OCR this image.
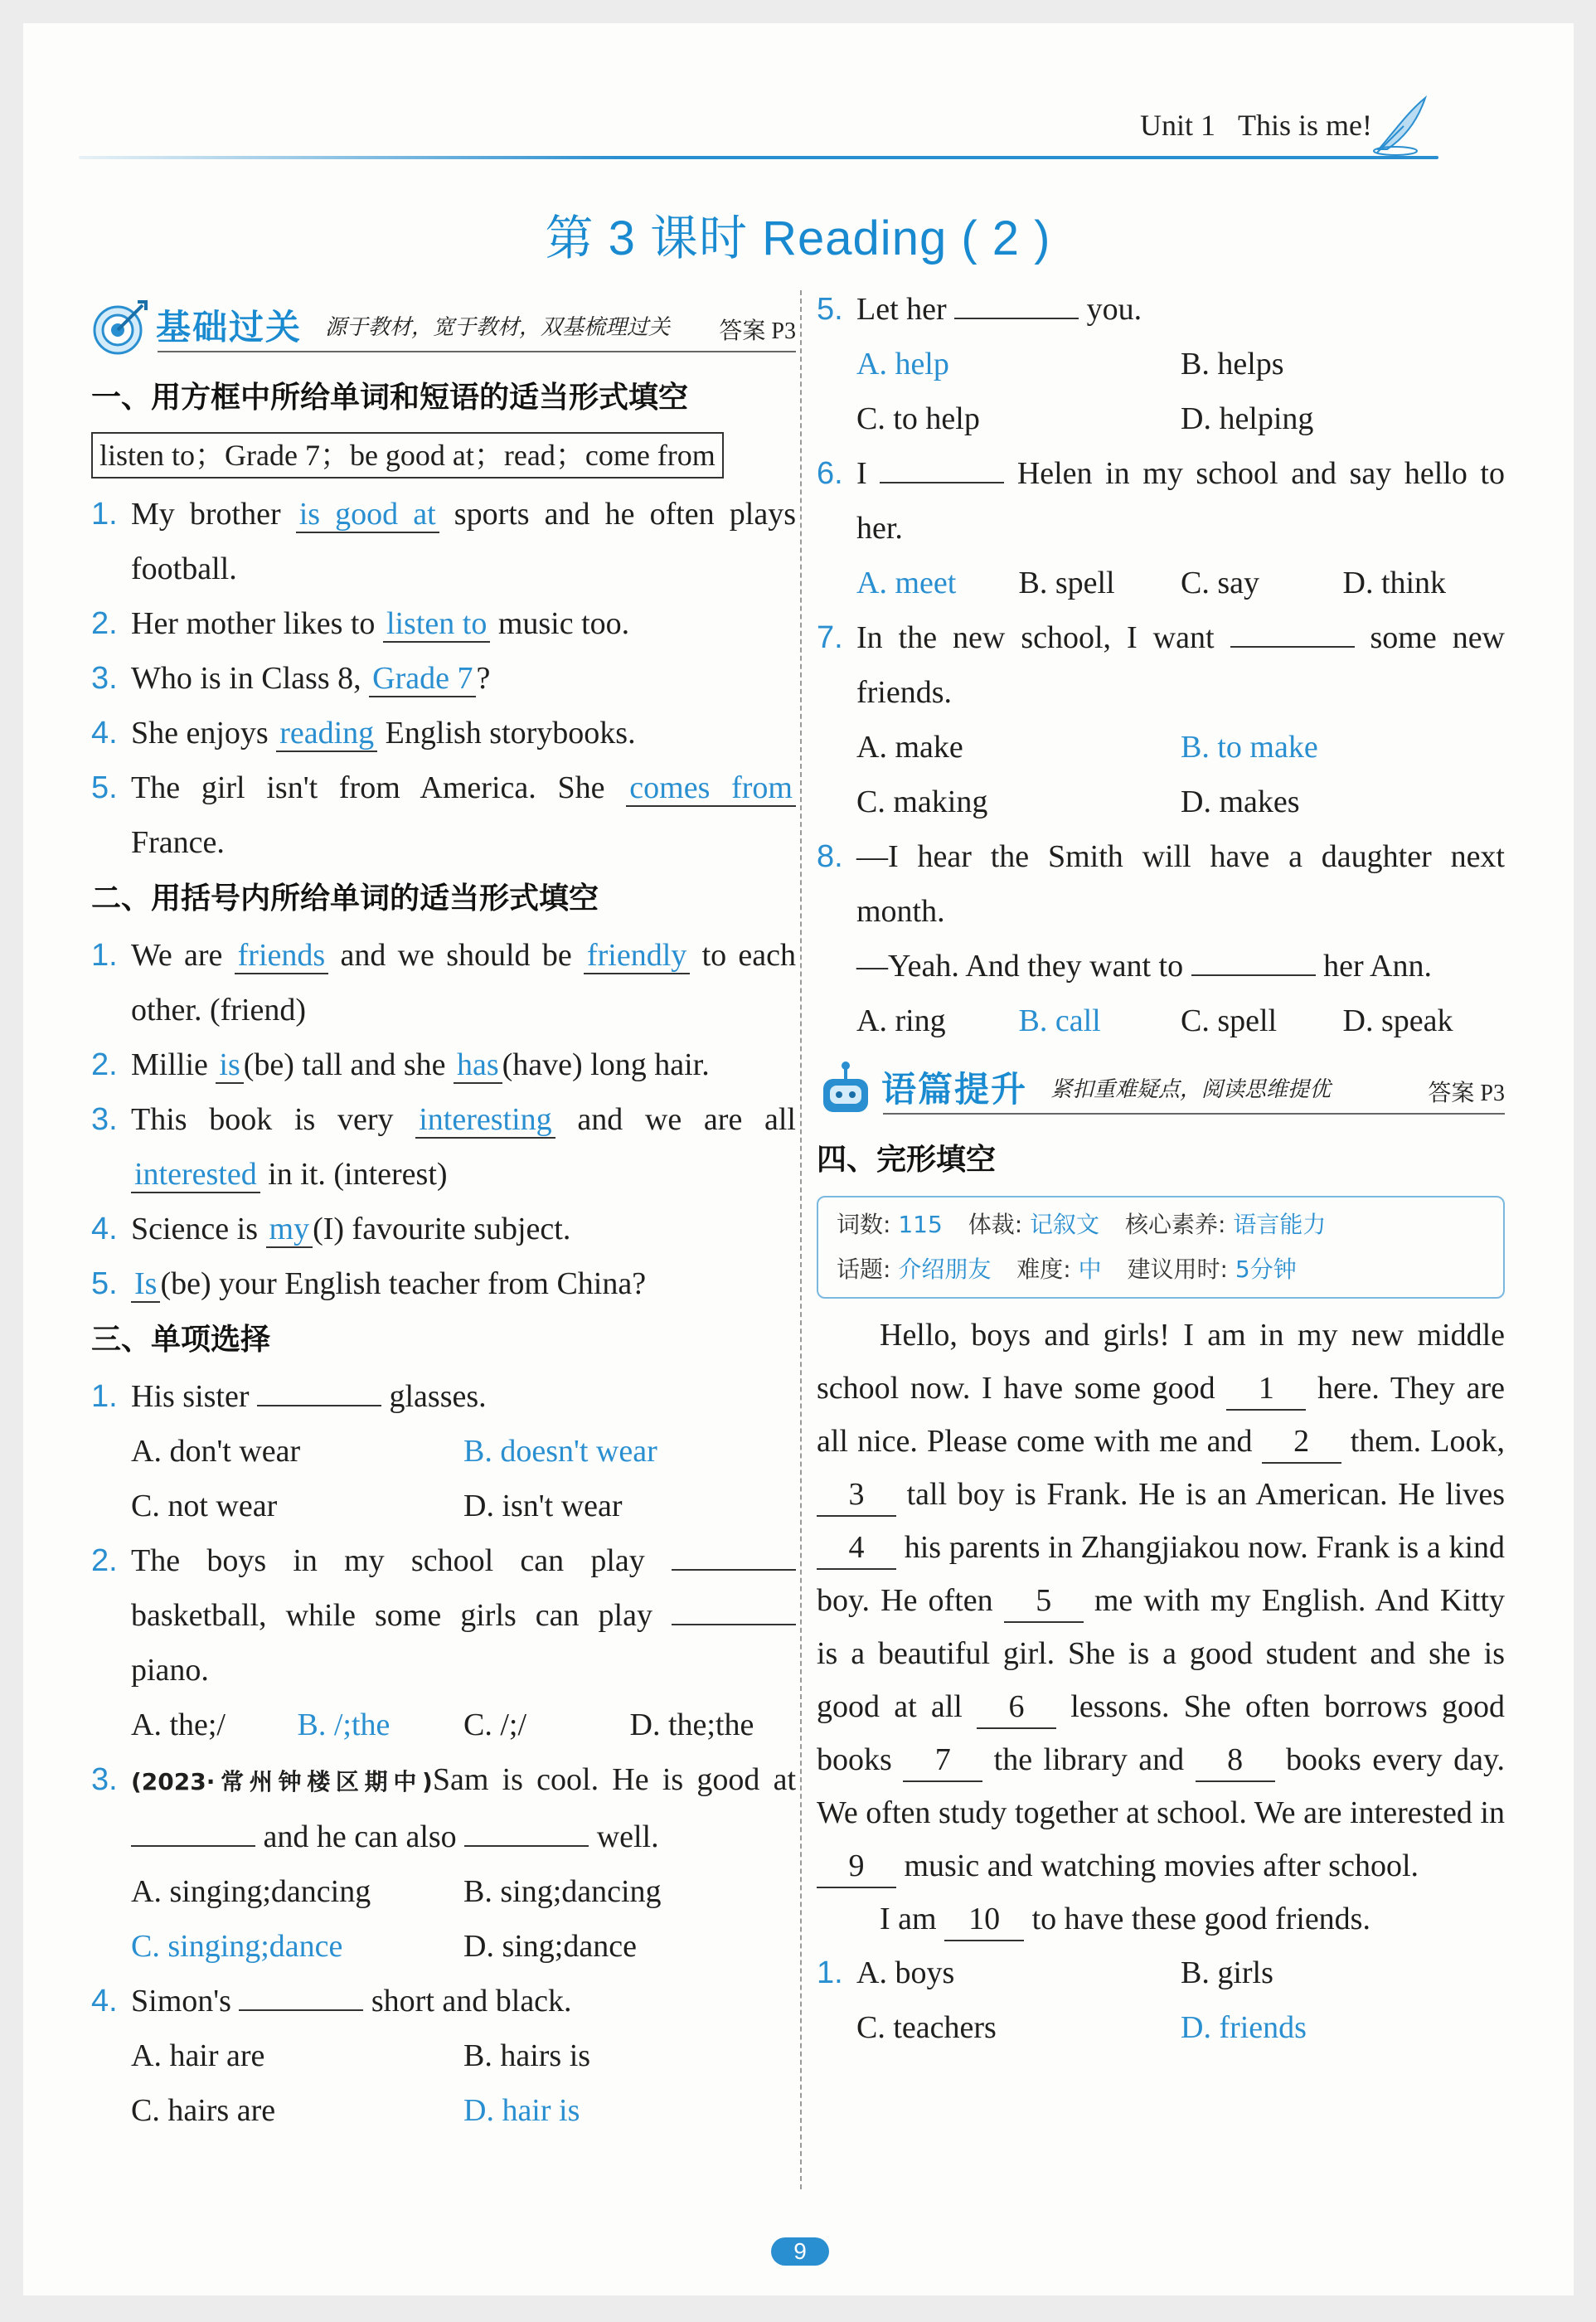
Unit 1 This is me!
第 3 课时 Reading ( 2 )
基础过关 源于教材，宽于教材，双基梳理过关 答案 P3
一、用方框中所给单词和短语的适当形式填空
listen to；Grade 7；be good at；read；come from
1. My brother is good at sports and he often plays football.
2. Her mother likes to listen to music too.
3. Who is in Class 8, Grade 7 ?
4. She enjoys reading English storybooks.
5. The girl isn't from America. She comes from France.
二、用括号内所给单词的适当形式填空
1. We are friends and we should be friendly to each other. (friend)
2. Millie is (be) tall and she has (have) long hair.
3. This book is very interesting and we are all interested in it. (interest)
4. Science is my (I) favourite subject.
5. Is (be) your English teacher from China?
三、单项选择
1. His sister	glasses.
A. don't wear	B. doesn't wear
C. not wear	D. isn't wear
2. The boys in my school can play  basketball, while some girls can play  piano.
A. the;/	B. /;the	C. /;/	D. the;the
3. (2023·常州钟楼区期中)Sam is cool. He is good at  and he can also	well.
A. singing;dancing	B. sing;dancing
C. singing;dance	D. sing;dance
4. Simon's	short and black.
A. hair are	B. hairs is
C. hairs are	D. hair is
5. Let her	you.
A. help	B. helps
C. to help	D. helping
6. I	Helen in my school and say hello to her.
A. meet	B. spell	C. say	D. think
7. In the new school, I want	some new friends.
A. make	B. to make
C. making	D. makes
8. —I hear the Smith will have a daughter next month.
—Yeah. And they want to	her Ann.
A. ring	B. call	C. spell	D. speak
语篇提升 紧扣重难疑点，阅读思维提优	答案 P3
四、完形填空
词数: 115 体裁: 记叙文 核心素养: 语言能力
话题: 介绍朋友 难度: 中 建议用时: 5分钟
Hello, boys and girls! I am in my new middle school now. I have some good 1 here. They are all nice. Please come with me and 2 them. Look, 3 tall boy is Frank. He is an American. He lives 4 his parents in Zhangjiakou now. Frank is a kind boy. He often 5 me with my English. And Kitty is a beautiful girl. She is a good student and she is good at all 6 lessons. She often borrows good books 7 the library and 8 books every day. We often study together at school. We are interested in 9 music and watching movies after school.
I am 10 to have these good friends.
1. A. boys	B. girls
C. teachers	D. friends
9
